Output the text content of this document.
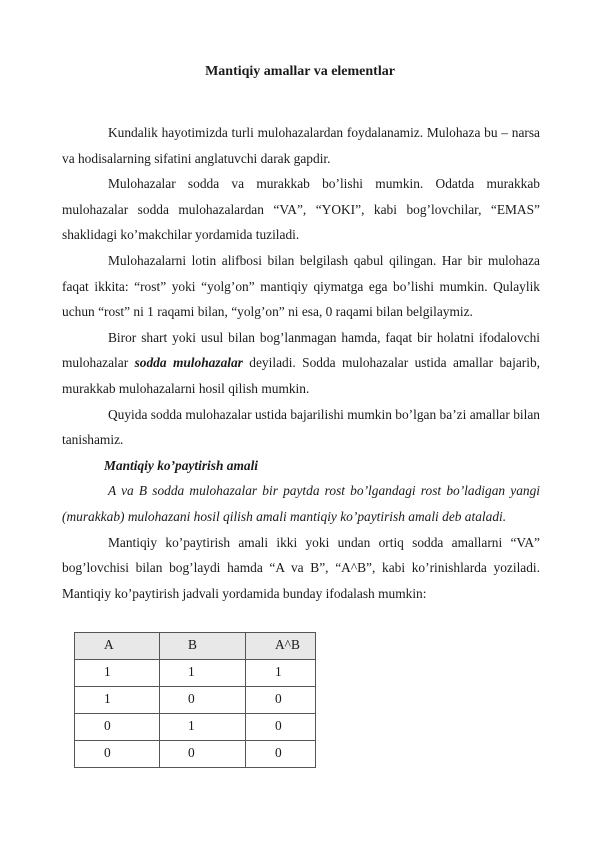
Mantiqiy amallar va elementlar

Kundalik hayotimizda turli mulohazalardan foydalanamiz. Mulohaza bu – narsa va hodisalarning sifatini anglatuvchi darak gapdir.

Mulohazalar sodda va murakkab bo’lishi mumkin. Odatda murakkab mulohazalar sodda mulohazalardan “VA”, “YOKI”, kabi bog’lovchilar, “EMAS” shaklidagi ko’makchilar yordamida tuziladi.

Mulohazalarni lotin alifbosi bilan belgilash qabul qilingan. Har bir mulohaza faqat ikkita: “rost” yoki “yolg’on” mantiqiy qiymatga ega bo’lishi mumkin. Qulaylik uchun “rost” ni 1 raqami bilan, “yolg’on” ni esa, 0 raqami bilan belgilaymiz.

Biror shart yoki usul bilan bog’lanmagan hamda, faqat bir holatni ifodalovchi mulohazalar sodda mulohazalar deyiladi. Sodda mulohazalar ustida amallar bajarib, murakkab mulohazalarni hosil qilish mumkin.

Quyida sodda mulohazalar ustida bajarilishi mumkin bo’lgan ba’zi amallar bilan tanishamiz.

Mantiqiy ko’paytirish amali

A va B sodda mulohazalar bir paytda rost bo’lgandagi rost bo’ladigan yangi (murakkab) mulohazani hosil qilish amali mantiqiy ko’paytirish amali deb ataladi.

Mantiqiy ko’paytirish amali ikki yoki undan ortiq sodda amallarni “VA” bog’lovchisi bilan bog’laydi hamda “A va B”, “A^B”, kabi ko’rinishlarda yoziladi. Mantiqiy ko’paytirish jadvali yordamida bunday ifodalash mumkin:

A	B	A^B
1	1	1
1	0	0
0	1	0
0	0	0
